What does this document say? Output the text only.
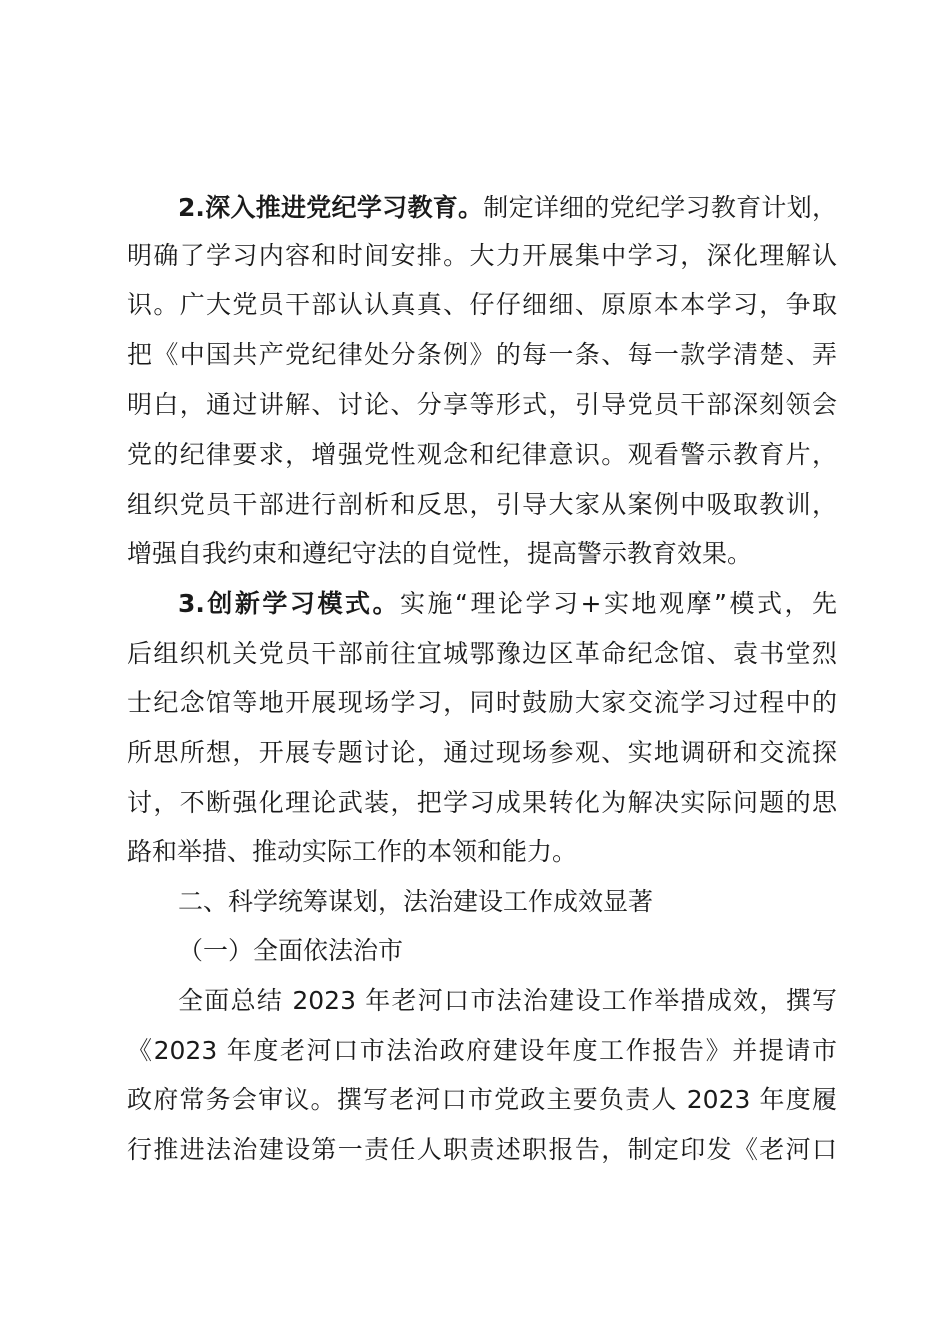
2.深入推进党纪学习教育。制定详细的党纪学习教育计划，
明确了学习内容和时间安排。大力开展集中学习，深化理解认
识。广大党员干部认认真真、仔仔细细、原原本本学习，争取
把《中国共产党纪律处分条例》的每一条、每一款学清楚、弄
明白，通过讲解、讨论、分享等形式，引导党员干部深刻领会
党的纪律要求，增强党性观念和纪律意识。观看警示教育片，
组织党员干部进行剖析和反思，引导大家从案例中吸取教训，
增强自我约束和遵纪守法的自觉性，提高警示教育效果。
3.创新学习模式。实施“理论学习+实地观摩”模式，先
后组织机关党员干部前往宜城鄂豫边区革命纪念馆、袁书堂烈
士纪念馆等地开展现场学习，同时鼓励大家交流学习过程中的
所思所想，开展专题讨论，通过现场参观、实地调研和交流探
讨，不断强化理论武装，把学习成果转化为解决实际问题的思
路和举措、推动实际工作的本领和能力。
二、科学统筹谋划，法治建设工作成效显著
（一）全面依法治市
全面总结 2023 年老河口市法治建设工作举措成效，撰写
《2023 年度老河口市法治政府建设年度工作报告》并提请市
政府常务会审议。撰写老河口市党政主要负责人 2023 年度履
行推进法治建设第一责任人职责述职报告，制定印发《老河口
